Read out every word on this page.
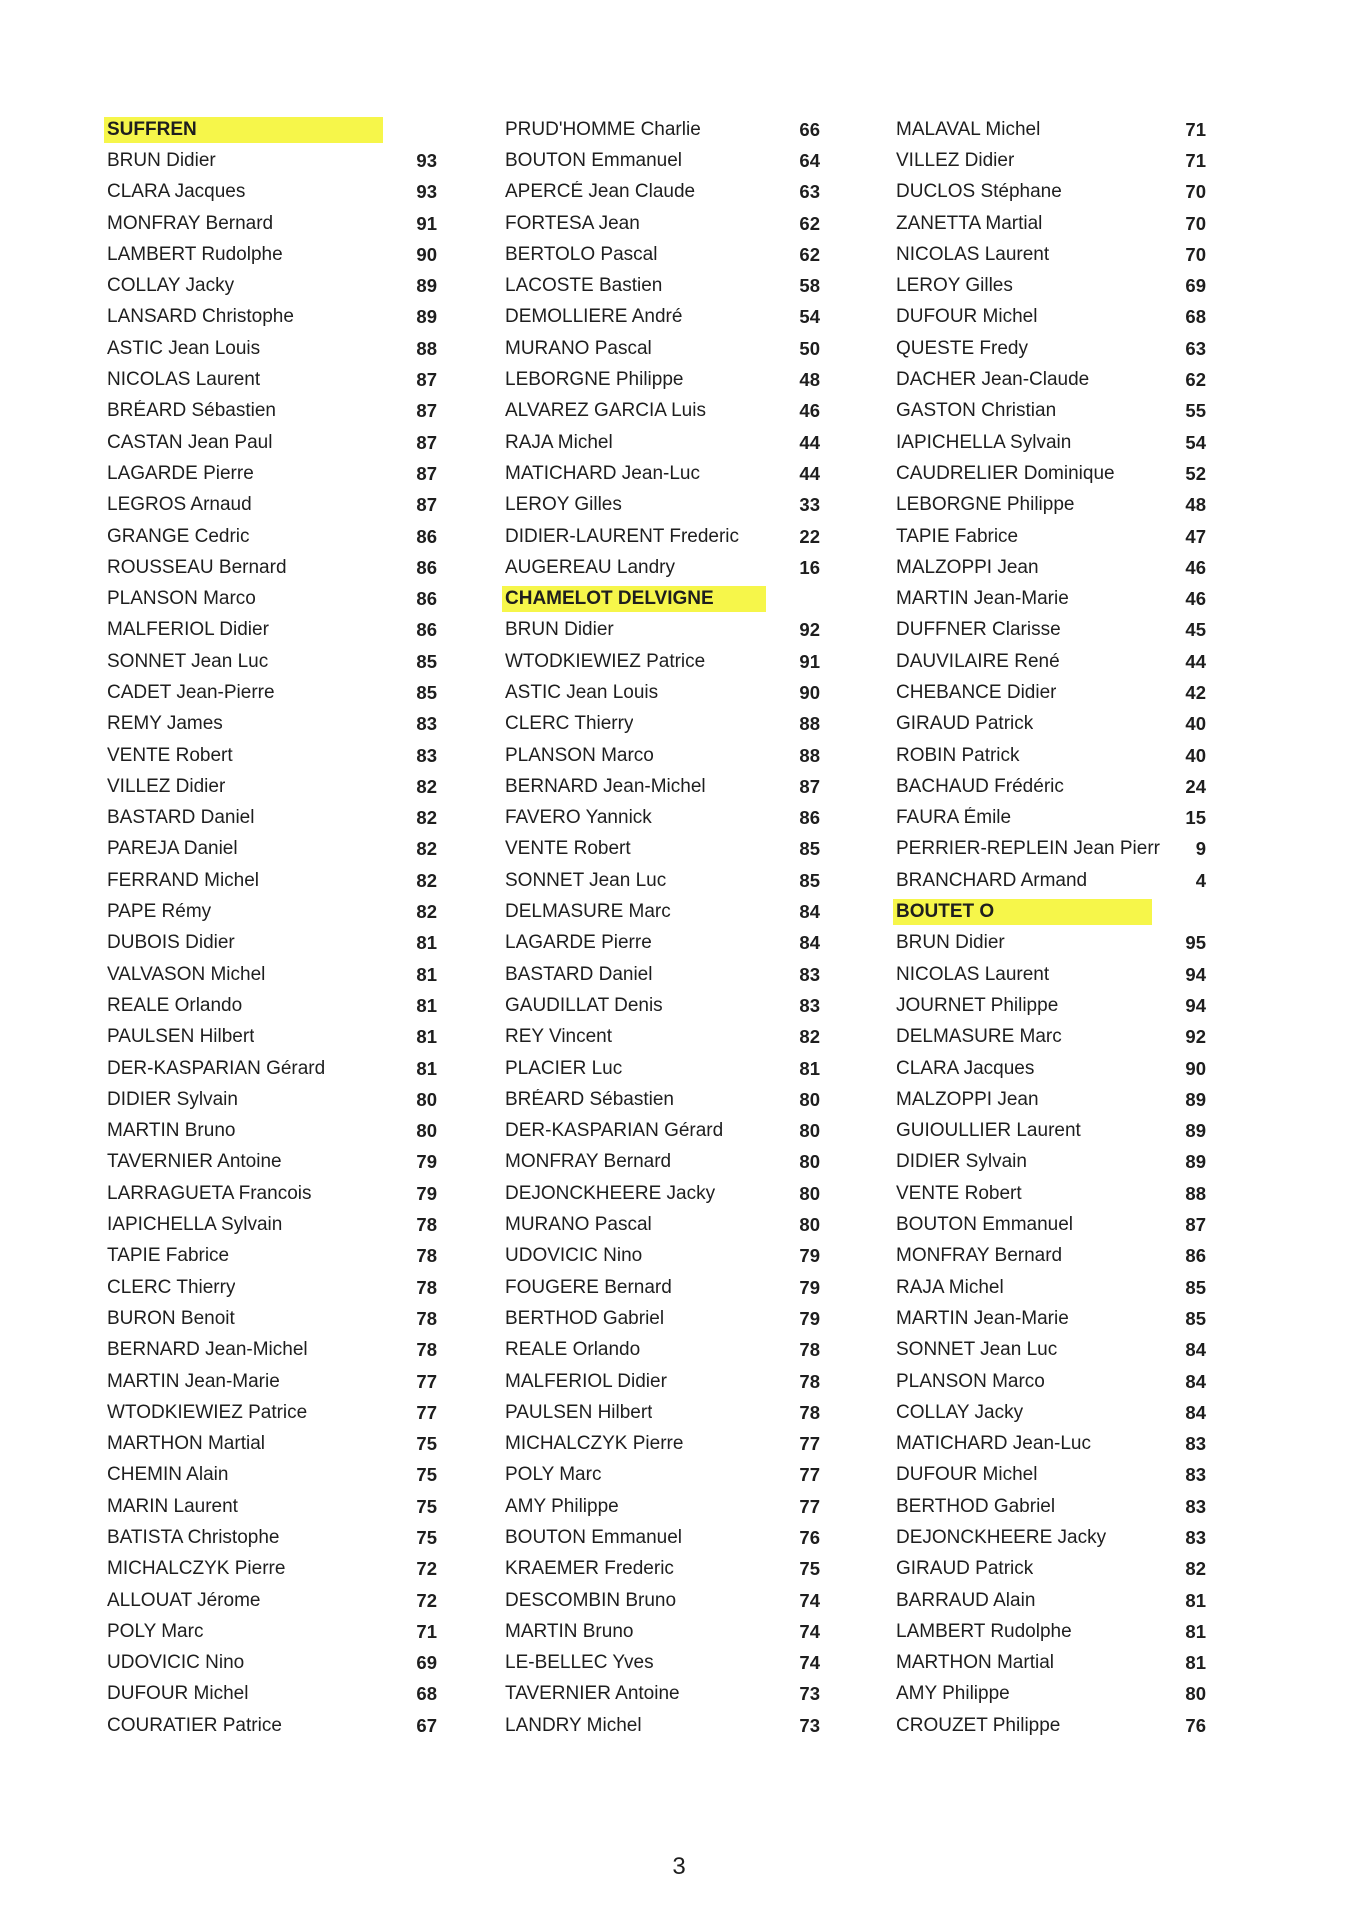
SUFFREN
BRUN Didier	93
CLARA Jacques	93
MONFRAY Bernard	91
LAMBERT Rudolphe	90
COLLAY Jacky	89
LANSARD Christophe	89
ASTIC Jean Louis	88
NICOLAS Laurent	87
BRÉARD Sébastien	87
CASTAN Jean Paul	87
LAGARDE Pierre	87
LEGROS Arnaud	87
GRANGE Cedric	86
ROUSSEAU Bernard	86
PLANSON Marco	86
MALFERIOL Didier	86
SONNET Jean Luc	85
CADET Jean-Pierre	85
REMY James	83
VENTE Robert	83
VILLEZ Didier	82
BASTARD Daniel	82
PAREJA Daniel	82
FERRAND Michel	82
PAPE Rémy	82
DUBOIS Didier	81
VALVASON Michel	81
REALE Orlando	81
PAULSEN Hilbert	81
DER-KASPARIAN Gérard	81
DIDIER Sylvain	80
MARTIN Bruno	80
TAVERNIER Antoine	79
LARRAGUETA Francois	79
IAPICHELLA Sylvain	78
TAPIE Fabrice	78
CLERC Thierry	78
BURON Benoit	78
BERNARD Jean-Michel	78
MARTIN Jean-Marie	77
WTODKIEWIEZ Patrice	77
MARTHON Martial	75
CHEMIN Alain	75
MARIN Laurent	75
BATISTA Christophe	75
MICHALCZYK Pierre	72
ALLOUAT Jérome	72
POLY Marc	71
UDOVICIC Nino	69
DUFOUR Michel	68
COURATIER Patrice	67
PRUD'HOMME Charlie	66
BOUTON Emmanuel	64
APERCÉ Jean Claude	63
FORTESA Jean	62
BERTOLO Pascal	62
LACOSTE Bastien	58
DEMOLLIERE André	54
MURANO Pascal	50
LEBORGNE Philippe	48
ALVAREZ GARCIA Luis	46
RAJA Michel	44
MATICHARD Jean-Luc	44
LEROY Gilles	33
DIDIER-LAURENT Frederic	22
AUGEREAU Landry	16
CHAMELOT DELVIGNE
BRUN Didier	92
WTODKIEWIEZ Patrice	91
ASTIC Jean Louis	90
CLERC Thierry	88
PLANSON Marco	88
BERNARD Jean-Michel	87
FAVERO Yannick	86
VENTE Robert	85
SONNET Jean Luc	85
DELMASURE Marc	84
LAGARDE Pierre	84
BASTARD Daniel	83
GAUDILLAT Denis	83
REY Vincent	82
PLACIER Luc	81
BRÉARD Sébastien	80
DER-KASPARIAN Gérard	80
MONFRAY Bernard	80
DEJONCKHEERE Jacky	80
MURANO Pascal	80
UDOVICIC Nino	79
FOUGERE Bernard	79
BERTHOD Gabriel	79
REALE Orlando	78
MALFERIOL Didier	78
PAULSEN Hilbert	78
MICHALCZYK Pierre	77
POLY Marc	77
AMY Philippe	77
BOUTON Emmanuel	76
KRAEMER Frederic	75
DESCOMBIN Bruno	74
MARTIN Bruno	74
LE-BELLEC Yves	74
TAVERNIER Antoine	73
LANDRY Michel	73
MALAVAL Michel	71
VILLEZ Didier	71
DUCLOS Stéphane	70
ZANETTA Martial	70
NICOLAS Laurent	70
LEROY Gilles	69
DUFOUR Michel	68
QUESTE Fredy	63
DACHER Jean-Claude	62
GASTON Christian	55
IAPICHELLA Sylvain	54
CAUDRELIER Dominique	52
LEBORGNE Philippe	48
TAPIE Fabrice	47
MALZOPPI Jean	46
MARTIN Jean-Marie	46
DUFFNER Clarisse	45
DAUVILAIRE René	44
CHEBANCE Didier	42
GIRAUD Patrick	40
ROBIN Patrick	40
BACHAUD Frédéric	24
FAURA Émile	15
PERRIER-REPLEIN Jean Pierr	9
BRANCHARD Armand	4
BOUTET O
BRUN Didier	95
NICOLAS Laurent	94
JOURNET Philippe	94
DELMASURE Marc	92
CLARA Jacques	90
MALZOPPI Jean	89
GUIOULLIER Laurent	89
DIDIER Sylvain	89
VENTE Robert	88
BOUTON Emmanuel	87
MONFRAY Bernard	86
RAJA Michel	85
MARTIN Jean-Marie	85
SONNET Jean Luc	84
PLANSON Marco	84
COLLAY Jacky	84
MATICHARD Jean-Luc	83
DUFOUR Michel	83
BERTHOD Gabriel	83
DEJONCKHEERE Jacky	83
GIRAUD Patrick	82
BARRAUD Alain	81
LAMBERT Rudolphe	81
MARTHON Martial	81
AMY Philippe	80
CROUZET Philippe	76
3
